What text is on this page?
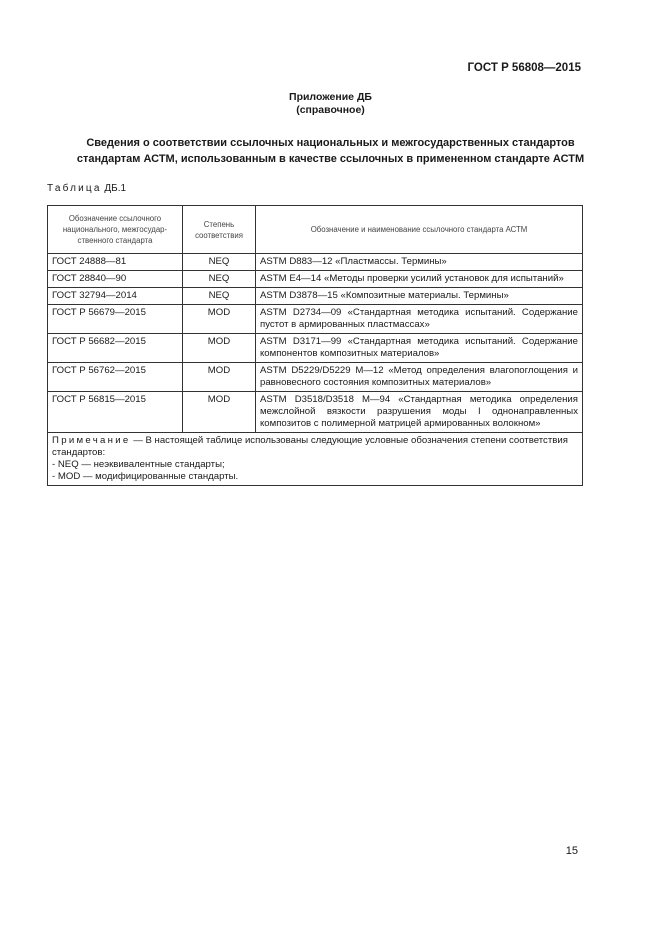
ГОСТ Р 56808—2015
Приложение ДБ
(справочное)
Сведения о соответствии ссылочных национальных и межгосударственных стандартов
стандартам АСТМ, использованным в качестве ссылочных в примененном стандарте АСТМ
Таблица ДБ.1
Обозначение ссылочного национального, межгосудар-ственного стандарта	Степень соответствия	Обозначение и наименование ссылочного стандарта АСТМ
ГОСТ 24888—81	NEQ	ASTM D883—12 «Пластмассы. Термины»
ГОСТ 28840—90	NEQ	ASTM E4—14 «Методы проверки усилий установок для испытаний»
ГОСТ 32794—2014	NEQ	ASTM D3878—15 «Композитные материалы. Термины»
ГОСТ Р 56679—2015	MOD	ASTM D2734—09 «Стандартная методика испытаний. Содержание пустот в армированных пластмассах»
ГОСТ Р 56682—2015	MOD	ASTM D3171—99 «Стандартная методика испытаний. Содержание компонентов композитных материалов»
ГОСТ Р 56762—2015	MOD	ASTM D5229/D5229 M—12 «Метод определения влагопоглощения и равновесного состояния композитных материалов»
ГОСТ Р 56815—2015	MOD	ASTM D3518/D3518 M—94 «Стандартная методика определения межслойной вязкости разрушения моды I однонаправленных композитов с полимерной матрицей армированных волокном»

Примечание — В настоящей таблице использованы следующие условные обозначения степени соответствия стандартов:
- NEQ — неэквивалентные стандарты;
- MOD — модифицированные стандарты.		
15
